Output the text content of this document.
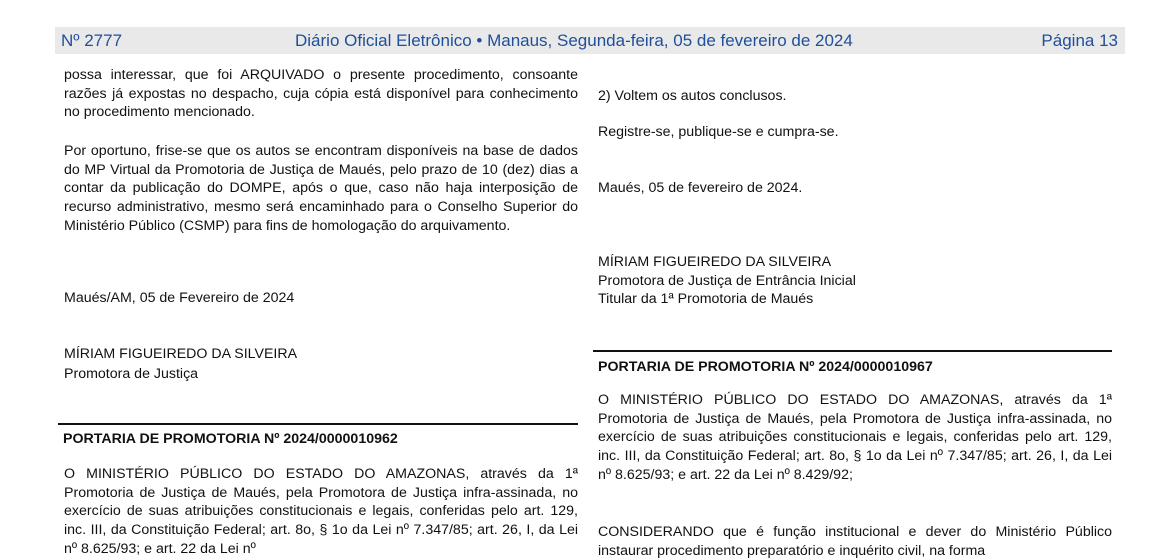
Nº 2777	Diário Oficial Eletrônico • Manaus, Segunda-feira, 05 de fevereiro de 2024	Página 13

possa interessar, que foi ARQUIVADO o presente procedimento, consoante razões já expostas no despacho, cuja cópia está disponível para conhecimento no procedimento mencionado.

Por oportuno, frise-se que os autos se encontram disponíveis na base de dados do MP Virtual da Promotoria de Justiça de Maués, pelo prazo de 10 (dez) dias a contar da publicação do DOMPE, após o que, caso não haja interposição de recurso administrativo, mesmo será encaminhado para o Conselho Superior do Ministério Público (CSMP) para fins de homologação do arquivamento.

Maués/AM, 05 de Fevereiro de 2024

MÍRIAM FIGUEIREDO DA SILVEIRA

Promotora de Justiça

PORTARIA DE PROMOTORIA Nº 2024/0000010962

O MINISTÉRIO PÚBLICO DO ESTADO DO AMAZONAS, através da 1ª Promotoria de Justiça de Maués, pela Promotora de Justiça infra-assinada, no exercício de suas atribuições constitucionais e legais, conferidas pelo art. 129, inc. III, da Constituição Federal; art. 8o, § 1o da Lei nº 7.347/85; art. 26, I, da Lei nº 8.625/93; e art. 22 da Lei nº

2) Voltem os autos conclusos.

Registre-se, publique-se e cumpra-se.

Maués, 05 de fevereiro de 2024.

MÍRIAM FIGUEIREDO DA SILVEIRA

Promotora de Justiça de Entrância Inicial

Titular da 1ª Promotoria de Maués

PORTARIA DE PROMOTORIA Nº 2024/0000010967

O MINISTÉRIO PÚBLICO DO ESTADO DO AMAZONAS, através da 1ª Promotoria de Justiça de Maués, pela Promotora de Justiça infra-assinada, no exercício de suas atribuições constitucionais e legais, conferidas pelo art. 129, inc. III, da Constituição Federal; art. 8o, § 1o da Lei nº 7.347/85; art. 26, I, da Lei nº 8.625/93; e art. 22 da Lei nº 8.429/92;

CONSIDERANDO que é função institucional e dever do Ministério Público instaurar procedimento preparatório e inquérito civil, na forma
